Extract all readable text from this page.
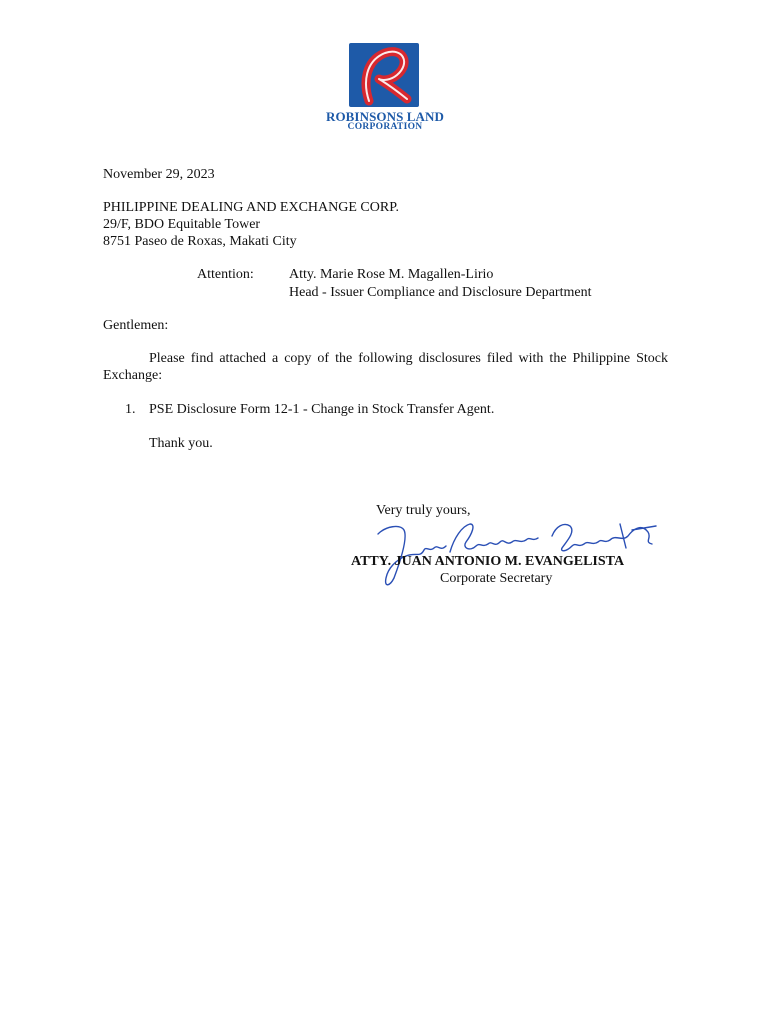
ROBINSONS LAND
CORPORATION
November 29, 2023
PHILIPPINE DEALING AND EXCHANGE CORP.
29/F, BDO Equitable Tower
8751 Paseo de Roxas, Makati City
Attention:	Atty. Marie Rose M. Magallen-Lirio
Head - Issuer Compliance and Disclosure Department
Gentlemen:
Please find attached a copy of the following disclosures filed with the Philippine Stock Exchange:
1. PSE Disclosure Form 12-1 - Change in Stock Transfer Agent.
Thank you.
Very truly yours,
ATTY. JUAN ANTONIO M. EVANGELISTA
Corporate Secretary
